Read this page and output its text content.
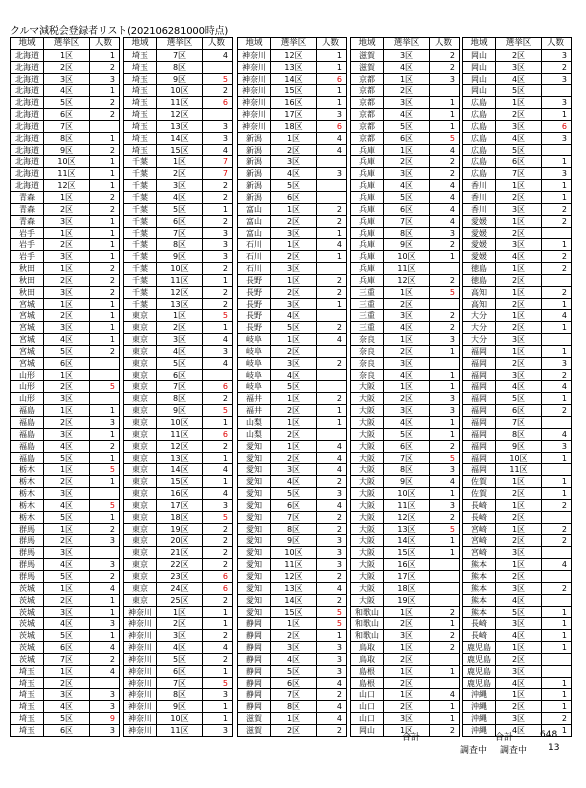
クルマ減税会登録者リスト(202106281000時点)
地域	選挙区	人数
北海道	1区	1
北海道	2区	2
北海道	3区	3
北海道	4区	1
北海道	5区	2
北海道	6区	2
北海道	7区
北海道	8区	1
北海道	9区	2
北海道	10区	1
北海道	11区	1
北海道	12区	1
青森	1区	2
青森	2区	2
青森	3区	1
岩手	1区	1
岩手	2区	1
岩手	3区	1
秋田	1区	2
秋田	2区	2
秋田	3区	2
宮城	1区	1
宮城	2区	1
宮城	3区	1
宮城	4区	1
宮城	5区	2
宮城	6区
山形	1区
山形	2区	5
山形	3区
福島	1区	1
福島	2区	3
福島	3区	1
福島	4区	2
福島	5区	1
栃木	1区	5
栃木	2区	1
栃木	3区
栃木	4区	5
栃木	5区	1
群馬	1区	2
群馬	2区	3
群馬	3区
群馬	4区	3
群馬	5区	2
茨城	1区	4
茨城	2区	1
茨城	3区	1
茨城	4区	3
茨城	5区	1
茨城	6区	4
茨城	7区	2
埼玉	1区	4
埼玉	2区
埼玉	3区	3
埼玉	4区	3
埼玉	5区	9
埼玉	6区	3
地域	選挙区	人数
埼玉	7区	4
埼玉	8区
埼玉	9区	5
埼玉	10区	2
埼玉	11区	6
埼玉	12区
埼玉	13区	3
埼玉	14区	3
埼玉	15区	4
千葉	1区	7
千葉	2区	7
千葉	3区	2
千葉	4区	2
千葉	5区	1
千葉	6区	2
千葉	7区	3
千葉	8区	3
千葉	9区	3
千葉	10区	2
千葉	11区	1
千葉	12区	2
千葉	13区	2
東京	1区	5
東京	2区	1
東京	3区	4
東京	4区	3
東京	5区	4
東京	6区
東京	7区	6
東京	8区	2
東京	9区	5
東京	10区	1
東京	11区	6
東京	12区	2
東京	13区	1
東京	14区	4
東京	15区	1
東京	16区	4
東京	17区	3
東京	18区	5
東京	19区	2
東京	20区	2
東京	21区	2
東京	22区	2
東京	23区	6
東京	24区	6
東京	25区	2
神奈川	1区	1
神奈川	2区	1
神奈川	3区	2
神奈川	4区	4
神奈川	5区	2
神奈川	6区	1
神奈川	7区	5
神奈川	8区	3
神奈川	9区	1
神奈川	10区	1
神奈川	11区	3
地域	選挙区	人数
神奈川	12区	1
神奈川	13区	1
神奈川	14区	6
神奈川	15区	1
神奈川	16区	1
神奈川	17区	3
神奈川	18区	6
新潟	1区	4
新潟	2区	4
新潟	3区
新潟	4区	3
新潟	5区
新潟	6区
富山	1区	2
富山	2区	2
富山	3区	1
石川	1区	4
石川	2区	1
石川	3区
長野	1区	2
長野	2区	2
長野	3区	1
長野	4区
長野	5区	2
岐阜	1区	4
岐阜	2区
岐阜	3区	2
岐阜	4区
岐阜	5区
福井	1区	2
福井	2区	1
山梨	1区	1
山梨	2区
愛知	1区	4
愛知	2区	4
愛知	3区	4
愛知	4区	2
愛知	5区	3
愛知	6区	4
愛知	7区	2
愛知	8区	2
愛知	9区	3
愛知	10区	3
愛知	11区	3
愛知	12区	2
愛知	13区	4
愛知	14区	2
愛知	15区	5
静岡	1区	5
静岡	2区	1
静岡	3区	3
静岡	4区	3
静岡	5区	3
静岡	6区	4
静岡	7区	2
静岡	8区	4
滋賀	1区	4
滋賀	2区	2
地域	選挙区	人数
滋賀	3区	2
滋賀	4区	2
京都	1区	3
京都	2区
京都	3区	1
京都	4区	1
京都	5区	1
京都	6区	5
兵庫	1区	4
兵庫	2区	2
兵庫	3区	2
兵庫	4区	4
兵庫	5区	4
兵庫	6区	4
兵庫	7区	4
兵庫	8区	3
兵庫	9区	2
兵庫	10区	1
兵庫	11区
兵庫	12区	2
三重	1区	5
三重	2区
三重	3区	2
三重	4区	2
奈良	1区	3
奈良	2区	1
奈良	3区
奈良	4区	1
大阪	1区	1
大阪	2区	3
大阪	3区	3
大阪	4区	1
大阪	5区	1
大阪	6区	2
大阪	7区	5
大阪	8区	3
大阪	9区	4
大阪	10区	1
大阪	11区	3
大阪	12区	2
大阪	13区	5
大阪	14区	1
大阪	15区	1
大阪	16区
大阪	17区
大阪	18区
大阪	19区
和歌山	1区	2
和歌山	2区	1
和歌山	3区	2
鳥取	1区	2
鳥取	2区
島根	1区	1
島根	2区
山口	1区	4
山口	2区	1
山口	3区	1
岡山	1区	2
地域	選挙区	人数
岡山	2区	3
岡山	3区	2
岡山	4区	3
岡山	5区
広島	1区	3
広島	2区	1
広島	3区	6
広島	4区	3
広島	5区
広島	6区	1
広島	7区	3
香川	1区	1
香川	2区	1
香川	3区	2
愛媛	1区	2
愛媛	2区
愛媛	3区	1
愛媛	4区	2
徳島	1区	2
徳島	2区
高知	1区	2
高知	2区	1
大分	1区	4
大分	2区	1
大分	3区
福岡	1区	1
福岡	2区	3
福岡	3区	2
福岡	4区	4
福岡	5区	1
福岡	6区	2
福岡	7区
福岡	8区	4
福岡	9区	3
福岡	10区	1
福岡	11区
佐賀	1区	1
佐賀	2区	1
長崎	1区	2
長崎	2区
宮崎	1区	2
宮崎	2区	2
宮崎	3区
熊本	1区	4
熊本	2区
熊本	3区	2
熊本	4区
熊本	5区	1
長崎	3区	1
長崎	4区	1
鹿児島	1区	1
鹿児島	2区
鹿児島	3区
鹿児島	4区	1
沖縄	1区	1
沖縄	2区	1
沖縄	3区	2
沖縄	4区	1
合計	合計	648
調査中 調査中 13
